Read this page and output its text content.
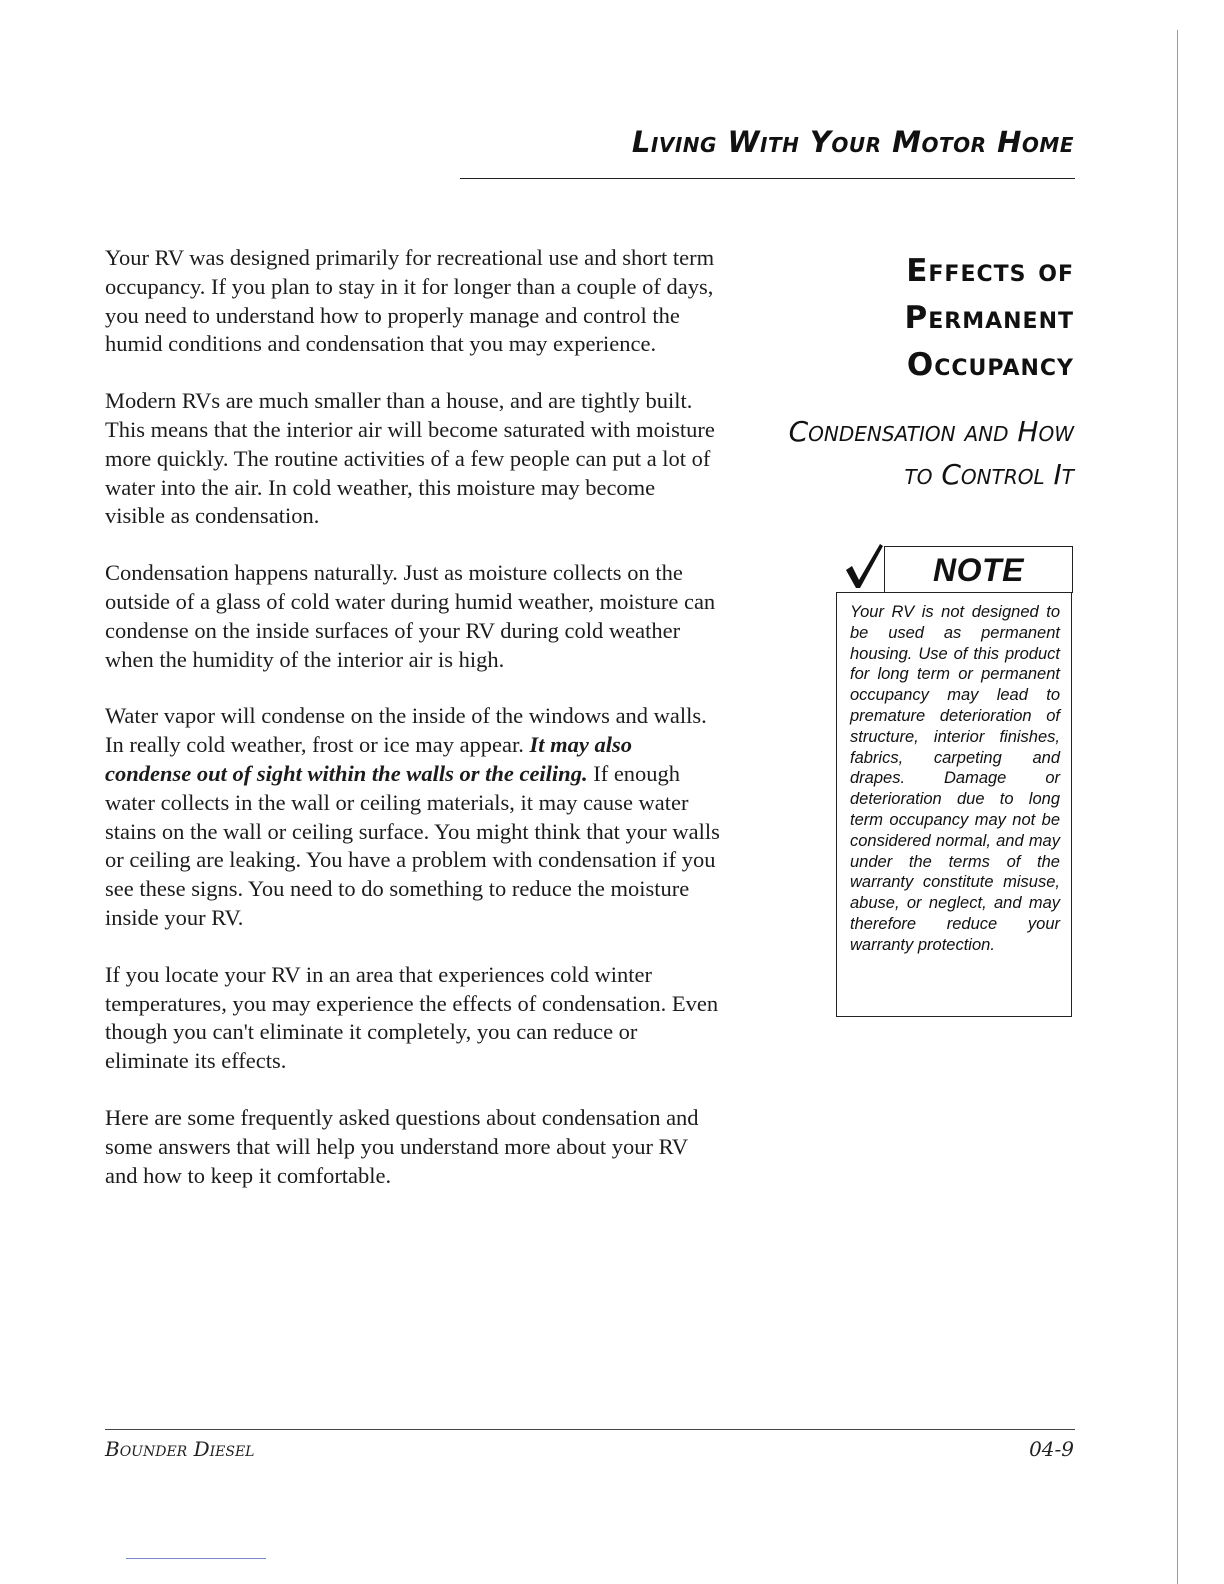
Living With Your Motor Home

Your RV was designed primarily for recreational use and short term occupancy. If you plan to stay in it for longer than a couple of days, you need to understand how to properly manage and control the humid conditions and condensation that you may experience.

Modern RVs are much smaller than a house, and are tightly built. This means that the interior air will become saturated with moisture more quickly. The routine activities of a few people can put a lot of water into the air. In cold weather, this moisture may become visible as condensation.

Condensation happens naturally. Just as moisture collects on the outside of a glass of cold water during humid weather, moisture can condense on the inside surfaces of your RV during cold weather when the humidity of the interior air is high.

Water vapor will condense on the inside of the windows and walls. In really cold weather, frost or ice may appear. It may also condense out of sight within the walls or the ceiling. If enough water collects in the wall or ceiling materials, it may cause water stains on the wall or ceiling surface. You might think that your walls or ceiling are leaking. You have a problem with condensation if you see these signs. You need to do something to reduce the moisture inside your RV.

If you locate your RV in an area that experiences cold winter temperatures, you may experience the effects of condensation. Even though you can't eliminate it completely, you can reduce or eliminate its effects.

Here are some frequently asked questions about condensation and some answers that will help you understand more about your RV and how to keep it comfortable.

Effects of Permanent Occupancy
Condensation and How to Control It
NOTE
Your RV is not designed to be used as permanent housing. Use of this product for long term or permanent occupancy may lead to premature deterioration of structure, interior finishes, fabrics, carpeting and drapes. Damage or deterioration due to long term occupancy may not be considered normal, and may under the terms of the warranty constitute misuse, abuse, or neglect, and may therefore reduce your warranty protection.
Bounder Diesel	04-9
